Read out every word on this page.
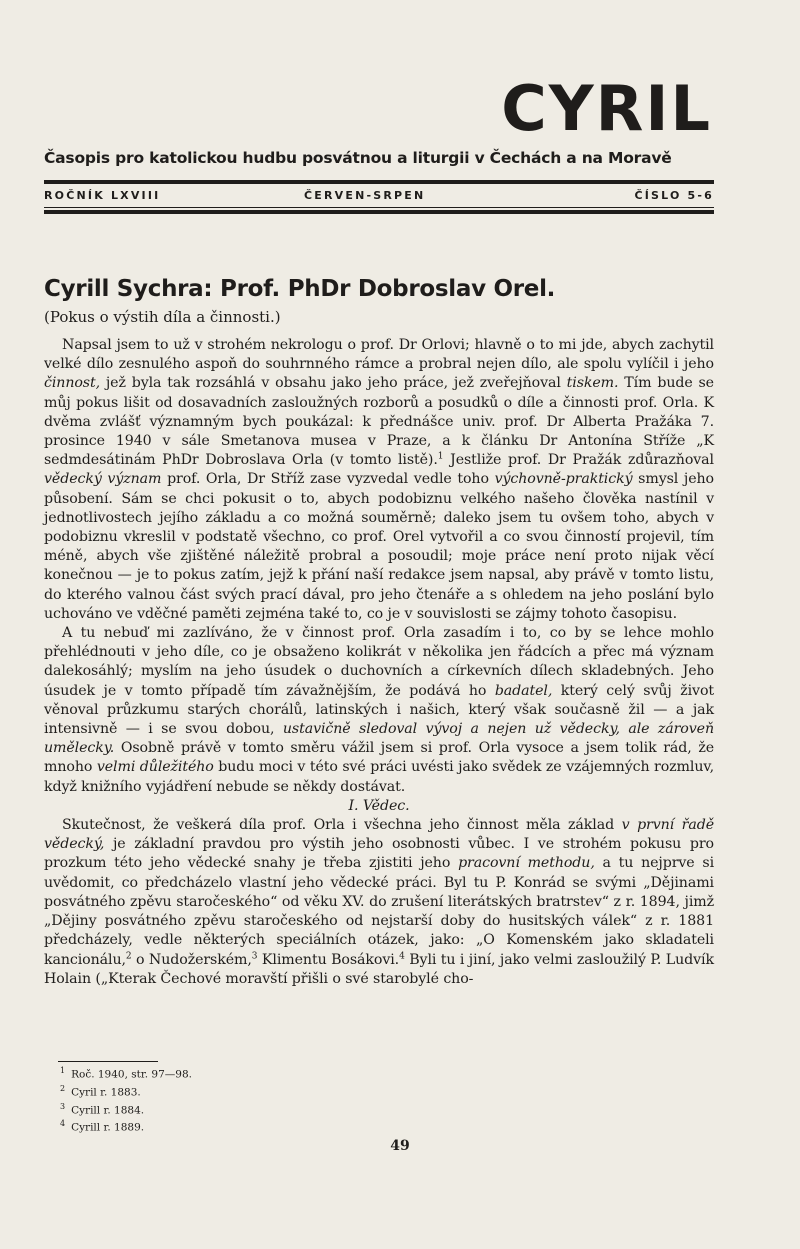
CYRIL
Časopis pro katolickou hudbu posvátnou a liturgii v Čechách a na Moravě
ROČNÍK LXVIII	ČERVEN-SRPEN	ČÍSLO 5-6
Cyrill Sychra: Prof. PhDr Dobroslav Orel.
(Pokus o výstih díla a činnosti.)

Napsal jsem to už v strohém nekrologu o prof. Dr Orlovi; hlavně o to mi jde, abych zachytil velké dílo zesnulého aspoň do souhrnného rámce a probral nejen dílo, ale spolu vylíčil i jeho činnost, jež byla tak rozsáhlá v obsahu jako jeho práce, jež zveřejňoval tiskem. Tím bude se můj pokus lišit od dosavadních zasloužných rozborů a posudků o díle a činnosti prof. Orla. K dvěma zvlášť významným bych poukázal: k přednášce univ. prof. Dr Alberta Pražáka 7. prosince 1940 v sále Smetanova musea v Praze, a k článku Dr Antonína Stříže „K sedmdesátinám PhDr Dobroslava Orla (v tomto listě).$^1$ Jestliže prof. Dr Pražák zdůrazňoval vědecký význam prof. Orla, Dr Stříž zase vyzvedal vedle toho výchovně-praktický smysl jeho působení. Sám se chci pokusit o to, abych podobiznu velkého našeho člověka nastínil v jednotlivostech jejího základu a co možná souměrně; daleko jsem tu ovšem toho, abych v podobiznu vkreslil v podstatě všechno, co prof. Orel vytvořil a co svou činností projevil, tím méně, abych vše zjištěné náležitě probral a posoudil; moje práce není proto nijak věcí konečnou — je to pokus zatím, jejž k přání naší redakce jsem napsal, aby právě v tomto listu, do kterého valnou část svých prací dával, pro jeho čtenáře a s ohledem na jeho poslání bylo uchováno ve vděčné paměti zejména také to, co je v souvislosti se zájmy tohoto časopisu.

A tu nebuď mi zazlíváno, že v činnost prof. Orla zasadím i to, co by se lehce mohlo přehlédnouti v jeho díle, co je obsaženo kolikrát v několika jen řádcích a přec má význam dalekosáhlý; myslím na jeho úsudek o duchovních a církevních dílech skladebných. Jeho úsudek je v tomto případě tím závažnějším, že podává ho badatel, který celý svůj život věnoval průzkumu starých chorálů, latinských i našich, který však současně žil — a jak intensivně — i se svou dobou, ustavičně sledoval vývoj a nejen už vědecky, ale zároveň umělecky. Osobně právě v tomto směru vážil jsem si prof. Orla vysoce a jsem tolik rád, že mnoho velmi důležitého budu moci v této své práci uvésti jako svědek ze vzájemných rozmluv, když knižního vyjádření nebude se někdy dostávat.

I. Vědec.

Skutečnost, že veškerá díla prof. Orla i všechna jeho činnost měla základ v první řadě vědecký, je základní pravdou pro výstih jeho osobnosti vůbec. I ve strohém pokusu pro prozkum této jeho vědecké snahy je třeba zjistiti jeho pracovní methodu, a tu nejprve si uvědomit, co předcházelo vlastní jeho vědecké práci. Byl tu P. Konrád se svými „Dějinami posvátného zpěvu staročeského“ od věku XV. do zrušení literátských bratrstev“ z r. 1894, jimž „Dějiny posvátného zpěvu staročeského od nejstarší doby do husitských válek“ z r. 1881 předcházely, vedle některých speciálních otázek, jako: „O Komenském jako skladateli kancionálu,$^2$ o Nudožerském,$^3$ Klimentu Bosákovi.$^4$ Byli tu i jiní, jako velmi zasloužilý P. Ludvík Holain („Kterak Čechové moravští přišli o své starobylé cho-

$^1$ Roč. 1940, str. 97—98.
$^2$ Cyril r. 1883.
$^3$ Cyrill r. 1884.
$^4$ Cyrill r. 1889.
49
